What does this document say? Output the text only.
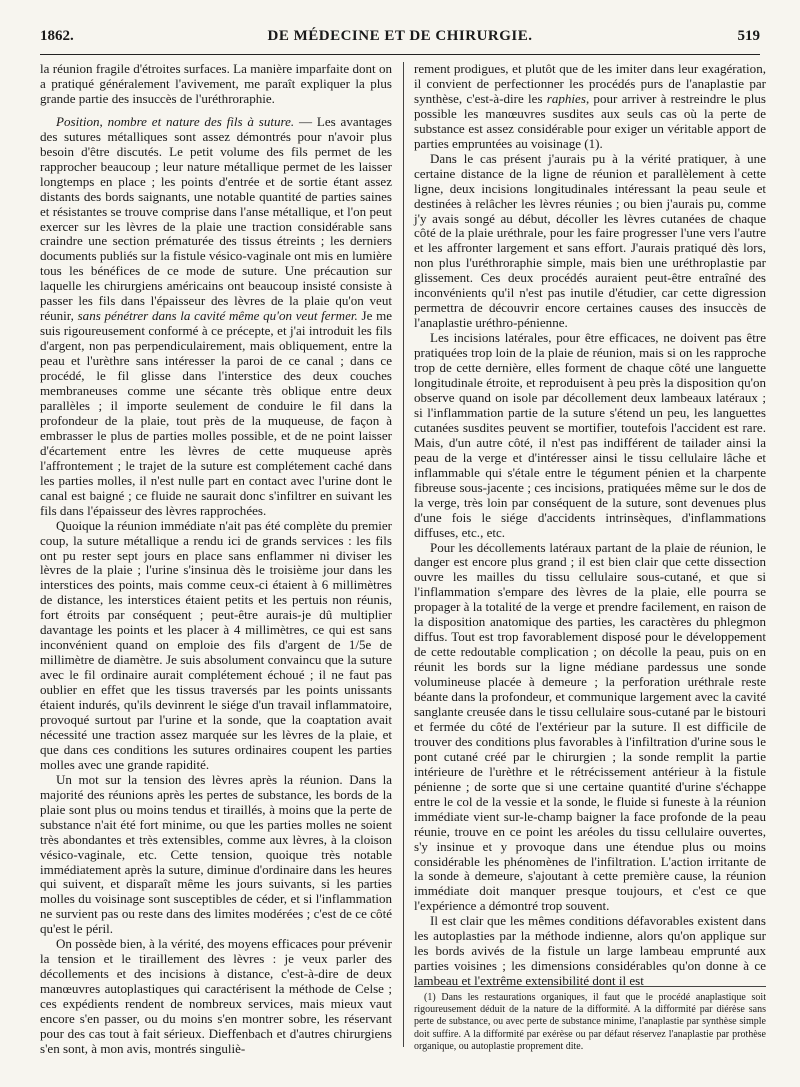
1862.	DE MÉDECINE ET DE CHIRURGIE.	519

la réunion fragile d'étroites surfaces. La manière imparfaite dont on a pratiqué généralement l'avivement, me paraît expliquer la plus grande partie des insuccès de l'uréthroraphie.

Position, nombre et nature des fils à suture. — Les avantages des sutures métalliques sont assez démontrés pour n'avoir plus besoin d'être discutés. Le petit volume des fils permet de les rapprocher beaucoup ; leur nature métallique permet de les laisser longtemps en place ; les points d'entrée et de sortie étant assez distants des bords saignants, une notable quantité de parties saines et résistantes se trouve comprise dans l'anse métallique, et l'on peut exercer sur les lèvres de la plaie une traction considérable sans craindre une section prématurée des tissus étreints ; les derniers documents publiés sur la fistule vésico-vaginale ont mis en lumière tous les bénéfices de ce mode de suture. Une précaution sur laquelle les chirurgiens américains ont beaucoup insisté consiste à passer les fils dans l'épaisseur des lèvres de la plaie qu'on veut réunir, sans pénétrer dans la cavité même qu'on veut fermer. Je me suis rigoureusement conformé à ce précepte, et j'ai introduit les fils d'argent, non pas perpendiculairement, mais obliquement, entre la peau et l'urèthre sans intéresser la paroi de ce canal ; dans ce procédé, le fil glisse dans l'interstice des deux couches membraneuses comme une sécante très oblique entre deux parallèles ; il importe seulement de conduire le fil dans la profondeur de la plaie, tout près de la muqueuse, de façon à embrasser le plus de parties molles possible, et de ne point laisser d'écartement entre les lèvres de cette muqueuse après l'affrontement ; le trajet de la suture est complétement caché dans les parties molles, il n'est nulle part en contact avec l'urine dont le canal est baigné ; ce fluide ne saurait donc s'infiltrer en suivant les fils dans l'épaisseur des lèvres rapprochées.

Quoique la réunion immédiate n'ait pas été complète du premier coup, la suture métallique a rendu ici de grands services : les fils ont pu rester sept jours en place sans enflammer ni diviser les lèvres de la plaie ; l'urine s'insinua dès le troisième jour dans les interstices des points, mais comme ceux-ci étaient à 6 millimètres de distance, les interstices étaient petits et les pertuis non réunis, fort étroits par conséquent ; peut-être aurais-je dû multiplier davantage les points et les placer à 4 millimètres, ce qui est sans inconvénient quand on emploie des fils d'argent de 1/5e de millimètre de diamètre. Je suis absolument convaincu que la suture avec le fil ordinaire aurait complétement échoué ; il ne faut pas oublier en effet que les tissus traversés par les points unissants étaient indurés, qu'ils devinrent le siége d'un travail inflammatoire, provoqué surtout par l'urine et la sonde, que la coaptation avait nécessité une traction assez marquée sur les lèvres de la plaie, et que dans ces conditions les sutures ordinaires coupent les parties molles avec une grande rapidité.

Un mot sur la tension des lèvres après la réunion. Dans la majorité des réunions après les pertes de substance, les bords de la plaie sont plus ou moins tendus et tiraillés, à moins que la perte de substance n'ait été fort minime, ou que les parties molles ne soient très abondantes et très extensibles, comme aux lèvres, à la cloison vésico-vaginale, etc. Cette tension, quoique très notable immédiatement après la suture, diminue d'ordinaire dans les heures qui suivent, et disparaît même les jours suivants, si les parties molles du voisinage sont susceptibles de céder, et si l'inflammation ne survient pas ou reste dans des limites modérées ; c'est de ce côté qu'est le péril.

On possède bien, à la vérité, des moyens efficaces pour prévenir la tension et le tiraillement des lèvres : je veux parler des décollements et des incisions à distance, c'est-à-dire de deux manœuvres autoplastiques qui caractérisent la méthode de Celse ; ces expédients rendent de nombreux services, mais mieux vaut encore s'en passer, ou du moins s'en montrer sobre, les réservant pour des cas tout à fait sérieux. Dieffenbach et d'autres chirurgiens s'en sont, à mon avis, montrés singuliè-

rement prodigues, et plutôt que de les imiter dans leur exagération, il convient de perfectionner les procédés purs de l'anaplastie par synthèse, c'est-à-dire les raphies, pour arriver à restreindre le plus possible les manœuvres susdites aux seuls cas où la perte de substance est assez considérable pour exiger un véritable apport de parties empruntées au voisinage (1).

Dans le cas présent j'aurais pu à la vérité pratiquer, à une certaine distance de la ligne de réunion et parallèlement à cette ligne, deux incisions longitudinales intéressant la peau seule et destinées à relâcher les lèvres réunies ; ou bien j'aurais pu, comme j'y avais songé au début, décoller les lèvres cutanées de chaque côté de la plaie uréthrale, pour les faire progresser l'une vers l'autre et les affronter largement et sans effort. J'aurais pratiqué dès lors, non plus l'uréthroraphie simple, mais bien une uréthroplastie par glissement. Ces deux procédés auraient peut-être entraîné des inconvénients qu'il n'est pas inutile d'étudier, car cette digression permettra de découvrir encore certaines causes des insuccès de l'anaplastie uréthro-pénienne.

Les incisions latérales, pour être efficaces, ne doivent pas être pratiquées trop loin de la plaie de réunion, mais si on les rapproche trop de cette dernière, elles forment de chaque côté une languette longitudinale étroite, et reproduisent à peu près la disposition qu'on observe quand on isole par décollement deux lambeaux latéraux ; si l'inflammation partie de la suture s'étend un peu, les languettes cutanées susdites peuvent se mortifier, toutefois l'accident est rare. Mais, d'un autre côté, il n'est pas indifférent de tailader ainsi la peau de la verge et d'intéresser ainsi le tissu cellulaire lâche et inflammable qui s'étale entre le tégument pénien et la charpente fibreuse sous-jacente ; ces incisions, pratiquées même sur le dos de la verge, très loin par conséquent de la suture, sont devenues plus d'une fois le siége d'accidents intrinsèques, d'inflammations diffuses, etc., etc.

Pour les décollements latéraux partant de la plaie de réunion, le danger est encore plus grand ; il est bien clair que cette dissection ouvre les mailles du tissu cellulaire sous-cutané, et que si l'inflammation s'empare des lèvres de la plaie, elle pourra se propager à la totalité de la verge et prendre facilement, en raison de la disposition anatomique des parties, les caractères du phlegmon diffus. Tout est trop favorablement disposé pour le développement de cette redoutable complication ; on décolle la peau, puis on en réunit les bords sur la ligne médiane pardessus une sonde volumineuse placée à demeure ; la perforation uréthrale reste béante dans la profondeur, et communique largement avec la cavité sanglante creusée dans le tissu cellulaire sous-cutané par le bistouri et fermée du côté de l'extérieur par la suture. Il est difficile de trouver des conditions plus favorables à l'infiltration d'urine sous le pont cutané créé par le chirurgien ; la sonde remplit la partie intérieure de l'urèthre et le rétrécissement antérieur à la fistule pénienne ; de sorte que si une certaine quantité d'urine s'échappe entre le col de la vessie et la sonde, le fluide si funeste à la réunion immédiate vient sur-le-champ baigner la face profonde de la peau réunie, trouve en ce point les aréoles du tissu cellulaire ouvertes, s'y insinue et y provoque dans une étendue plus ou moins considérable les phénomènes de l'infiltration. L'action irritante de la sonde à demeure, s'ajoutant à cette première cause, la réunion immédiate doit manquer presque toujours, et c'est ce que l'expérience a démontré trop souvent.

Il est clair que les mêmes conditions défavorables existent dans les autoplasties par la méthode indienne, alors qu'on applique sur les bords avivés de la fistule un large lambeau emprunté aux parties voisines ; les dimensions considérables qu'on donne à ce lambeau et l'extrême extensibilité dont il est

(1) Dans les restaurations organiques, il faut que le procédé anaplastique soit rigoureusement déduit de la nature de la difformité. A la difformité par diérèse sans perte de substance, ou avec perte de substance minime, l'anaplastie par synthèse simple doit suffire. A la difformité par exérèse ou par défaut réservez l'anaplastie par prothèse organique, ou autoplastie proprement dite.
